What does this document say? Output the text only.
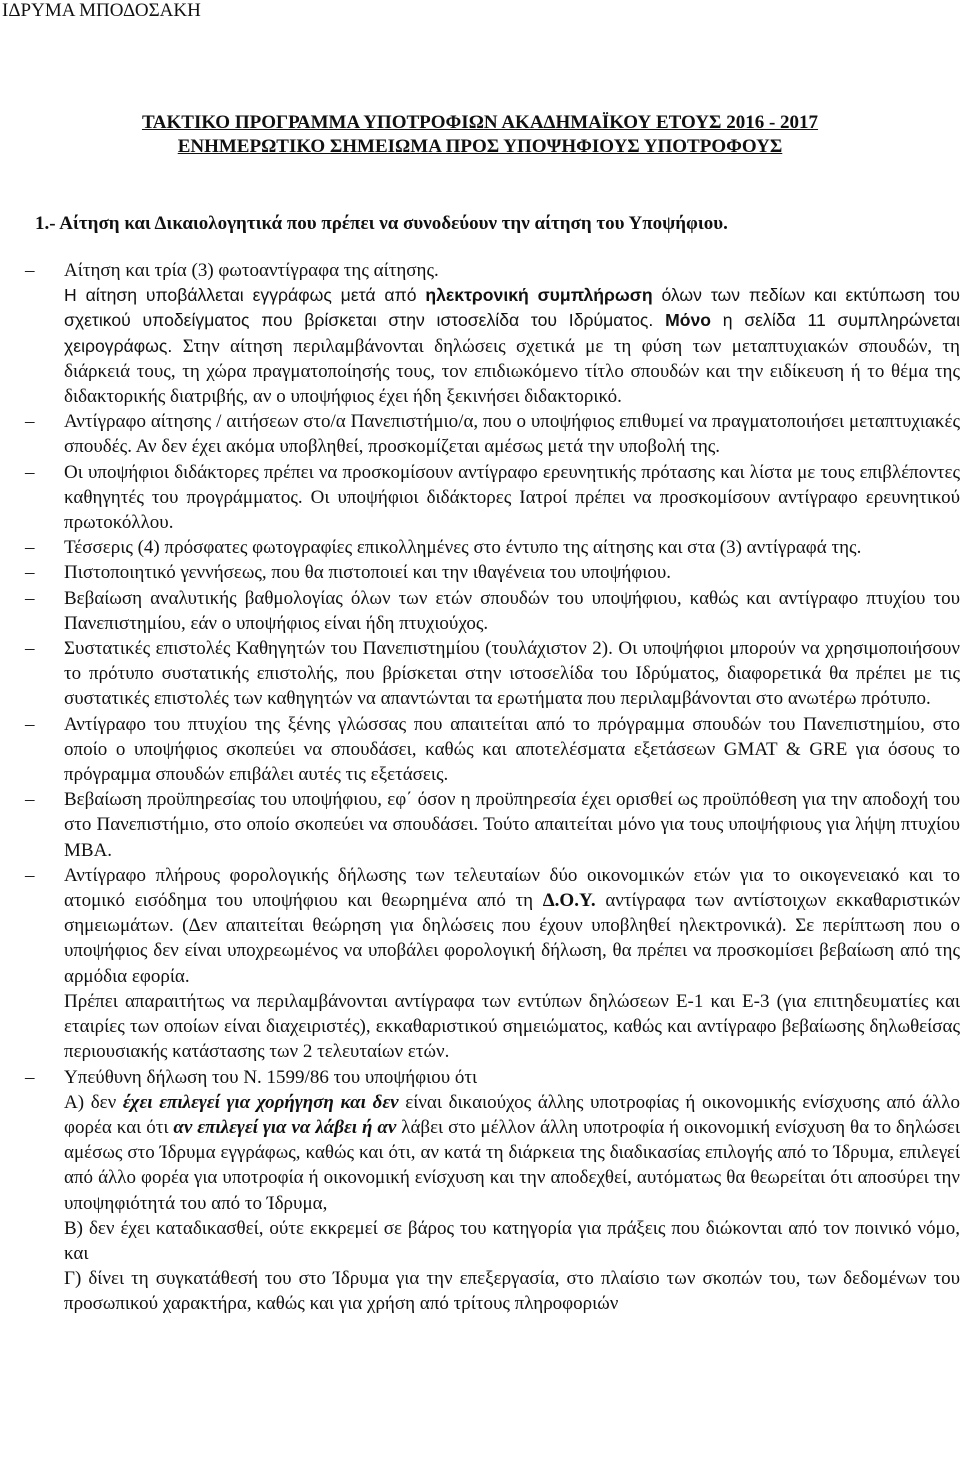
ΙΔΡΥΜΑ ΜΠΟΔΟΣΑΚΗ
ΤΑΚΤΙΚΟ ΠΡΟΓΡΑΜΜΑ ΥΠΟΤΡΟΦΙΩΝ ΑΚΑΔΗΜΑΪΚΟΥ ΕΤΟΥΣ 2016 - 2017
ΕΝΗΜΕΡΩΤΙΚΟ ΣΗΜΕΙΩΜΑ ΠΡΟΣ ΥΠΟΨΗΦΙΟΥΣ ΥΠΟΤΡΟΦΟΥΣ
1.- Αίτηση και Δικαιολογητικά που πρέπει να συνοδεύουν την αίτηση του Υποψήφιου.
– Αίτηση και τρία (3) φωτοαντίγραφα της αίτησης.
Η αίτηση υποβάλλεται εγγράφως μετά από ηλεκτρονική συμπλήρωση όλων των πεδίων και εκτύπωση του σχετικού υποδείγματος που βρίσκεται στην ιστοσελίδα του Ιδρύματος. Μόνο η σελίδα 11 συμπληρώνεται χειρογράφως. Στην αίτηση περιλαμβάνονται δηλώσεις σχετικά με τη φύση των μεταπτυχιακών σπουδών, τη διάρκειά τους, τη χώρα πραγματοποίησής τους, τον επιδιωκόμενο τίτλο σπουδών και την ειδίκευση ή το θέμα της διδακτορικής διατριβής, αν ο υποψήφιος έχει ήδη ξεκινήσει διδακτορικό.
– Αντίγραφο αίτησης / αιτήσεων στο/α Πανεπιστήμιο/α, που ο υποψήφιος επιθυμεί να πραγματοποιήσει μεταπτυχιακές σπουδές. Αν δεν έχει ακόμα υποβληθεί, προσκομίζεται αμέσως μετά την υποβολή της.
– Οι υποψήφιοι διδάκτορες πρέπει να προσκομίσουν αντίγραφο ερευνητικής πρότασης και λίστα με τους επιβλέποντες καθηγητές του προγράμματος. Οι υποψήφιοι διδάκτορες Ιατροί πρέπει να προσκομίσουν αντίγραφο ερευνητικού πρωτοκόλλου.
– Τέσσερις (4) πρόσφατες φωτογραφίες επικολλημένες στο έντυπο της αίτησης και στα (3) αντίγραφά της.
– Πιστοποιητικό γεννήσεως, που θα πιστοποιεί και την ιθαγένεια του υποψήφιου.
– Βεβαίωση αναλυτικής βαθμολογίας όλων των ετών σπουδών του υποψήφιου, καθώς και αντίγραφο πτυχίου του Πανεπιστημίου, εάν ο υποψήφιος είναι ήδη πτυχιούχος.
– Συστατικές επιστολές Καθηγητών του Πανεπιστημίου (τουλάχιστον 2). Οι υποψήφιοι μπορούν να χρησιμοποιήσουν το πρότυπο συστατικής επιστολής, που βρίσκεται στην ιστοσελίδα του Ιδρύματος, διαφορετικά θα πρέπει με τις συστατικές επιστολές των καθηγητών να απαντώνται τα ερωτήματα που περιλαμβάνονται στο ανωτέρω πρότυπο.
– Αντίγραφο του πτυχίου της ξένης γλώσσας που απαιτείται από το πρόγραμμα σπουδών του Πανεπιστημίου, στο οποίο ο υποψήφιος σκοπεύει να σπουδάσει, καθώς και αποτελέσματα εξετάσεων GMAT & GRE για όσους το πρόγραμμα σπουδών επιβάλει αυτές τις εξετάσεις.
– Βεβαίωση προϋπηρεσίας του υποψήφιου, εφ΄ όσον η προϋπηρεσία έχει ορισθεί ως προϋπόθεση για την αποδοχή του στο Πανεπιστήμιο, στο οποίο σκοπεύει να σπουδάσει. Τούτο απαιτείται μόνο για τους υποψήφιους για λήψη πτυχίου ΜΒΑ.
– Αντίγραφο πλήρους φορολογικής δήλωσης των τελευταίων δύο οικονομικών ετών για το οικογενειακό και το ατομικό εισόδημα του υποψήφιου και θεωρημένα από τη Δ.Ο.Υ. αντίγραφα των αντίστοιχων εκκαθαριστικών σημειωμάτων. (Δεν απαιτείται θεώρηση για δηλώσεις που έχουν υποβληθεί ηλεκτρονικά). Σε περίπτωση που ο υποψήφιος δεν είναι υποχρεωμένος να υποβάλει φορολογική δήλωση, θα πρέπει να προσκομίσει βεβαίωση από της αρμόδια εφορία.
Πρέπει απαραιτήτως να περιλαμβάνονται αντίγραφα των εντύπων δηλώσεων Ε-1 και Ε-3 (για επιτηδευματίες και εταιρίες των οποίων είναι διαχειριστές), εκκαθαριστικού σημειώματος, καθώς και αντίγραφο βεβαίωσης δηλωθείσας περιουσιακής κατάστασης των 2 τελευταίων ετών.
– Υπεύθυνη δήλωση του Ν. 1599/86 του υποψήφιου ότι
Α) δεν έχει επιλεγεί για χορήγηση και δεν είναι δικαιούχος άλλης υποτροφίας ή οικονομικής ενίσχυσης από άλλο φορέα και ότι αν επιλεγεί για να λάβει ή αν λάβει στο μέλλον άλλη υποτροφία ή οικονομική ενίσχυση θα το δηλώσει αμέσως στο Ίδρυμα εγγράφως, καθώς και ότι, αν κατά τη διάρκεια της διαδικασίας επιλογής από το Ίδρυμα, επιλεγεί από άλλο φορέα για υποτροφία ή οικονομική ενίσχυση και την αποδεχθεί, αυτόματως θα θεωρείται ότι αποσύρει την υποψηφιότητά του από το Ίδρυμα,
Β) δεν έχει καταδικασθεί, ούτε εκκρεμεί σε βάρος του κατηγορία για πράξεις που διώκονται από τον ποινικό νόμο, και
Γ) δίνει τη συγκατάθεσή του στο Ίδρυμα για την επεξεργασία, στο πλαίσιο των σκοπών του, των δεδομένων του προσωπικού χαρακτήρα, καθώς και για χρήση από τρίτους πληροφοριών
